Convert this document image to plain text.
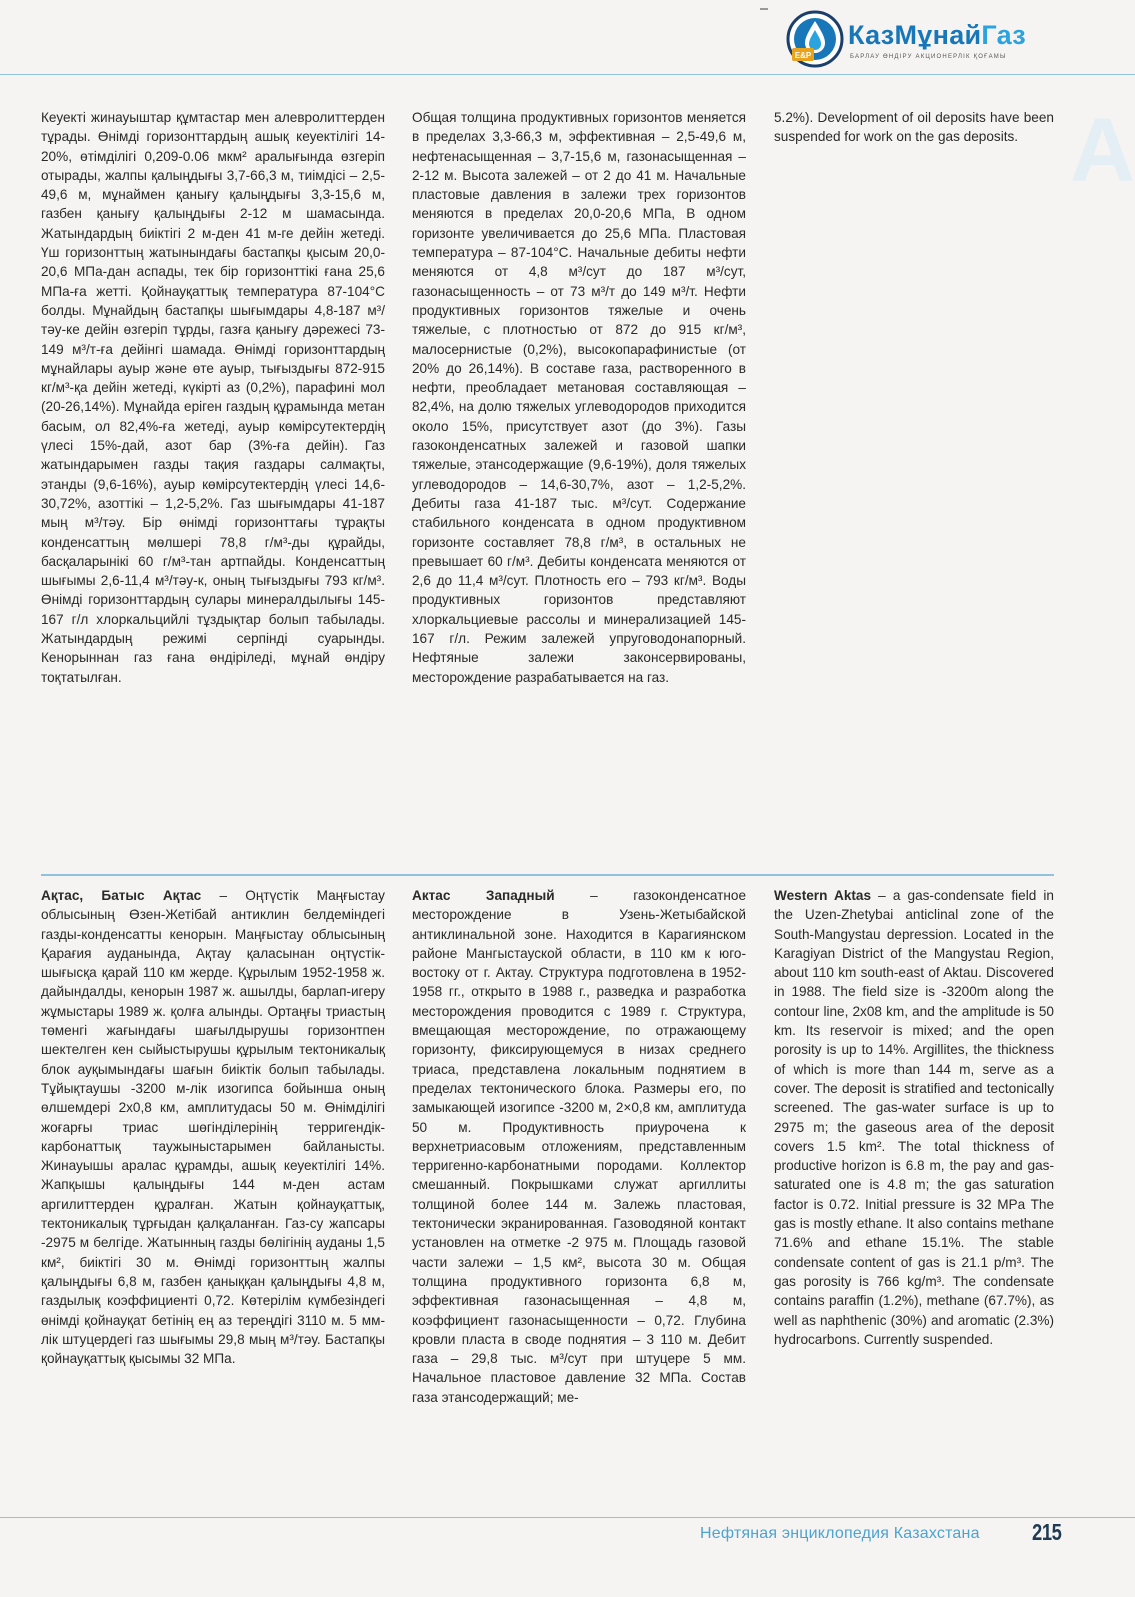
E&P
КазМұнайГаз
БАРЛАУ ӨНДІРУ АКЦИОНЕРЛІК ҚОҒАМЫ
A

Кеуекті жинауыштар құмтастар мен алевролиттерден тұрады. Өнімді горизонттардың ашық кеуектілігі 14-20%, өтімділігі 0,209-0.06 мкм² аралығында өзгеріп отырады, жалпы қалыңдығы 3,7-66,3 м, тиімдісі – 2,5-49,6 м, мұнаймен қанығу қалыңдығы 3,3-15,6 м, газбен қанығу қалыңдығы 2-12 м шамасында. Жатындардың биіктігі 2 м-ден 41 м-ге дейін жетеді. Үш горизонттың жатынындағы бастапқы қысым 20,0-20,6 МПа-дан аспады, тек бір горизонттікі ғана 25,6 МПа-ға жетті. Қойнауқаттық температура 87-104°С болды. Мұнайдың бастапқы шығымдары 4,8-187 м³/тәу-ке дейін өзгеріп тұрды, газға қанығу дәрежесі 73-149 м³/т-ға дейінгі шамада. Өнімді горизонттардың мұнайлары ауыр және өте ауыр, тығыздығы 872-915 кг/м³-қа дейін жетеді, күкірті аз (0,2%), парафині мол (20-26,14%). Мұнайда еріген газдың құрамында метан басым, ол 82,4%-ға жетеді, ауыр көмірсутектердің үлесі 15%-дай, азот бар (3%-ға дейін). Газ жатындарымен газды тақия газдары салмақты, этанды (9,6-16%), ауыр көмірсутектердің үлесі 14,6-30,72%, азоттікі – 1,2-5,2%. Газ шығымдары 41-187 мың м³/тәу. Бір өнімді горизонттағы тұрақты конденсаттың мөлшері 78,8 г/м³-ды құрайды, басқаларынікі 60 г/м³-тан артпайды. Конденсаттың шығымы 2,6-11,4 м³/тәу-к, оның тығыздығы 793 кг/м³. Өнімді горизонттардың сулары минералдылығы 145-167 г/л хлоркальцийлі тұздықтар болып табылады. Жатындардың режимі серпінді суарынды. Кенорыннан газ ғана өндіріледі, мұнай өндіру тоқтатылған.

Общая толщина продуктивных горизонтов меняется в пределах 3,3-66,3 м, эффективная – 2,5-49,6 м, нефтенасыщенная – 3,7-15,6 м, газонасыщенная – 2-12 м. Высота залежей – от 2 до 41 м. Начальные пластовые давления в залежи трех горизонтов меняются в пределах 20,0-20,6 МПа, В одном горизонте увеличивается до 25,6 МПа. Пластовая температура – 87-104°С. Начальные дебиты нефти меняются от 4,8 м³/сут до 187 м³/сут, газонасыщенность – от 73 м³/т до 149 м³/т. Нефти продуктивных горизонтов тяжелые и очень тяжелые, с плотностью от 872 до 915 кг/м³, малосернистые (0,2%), высокопарафинистые (от 20% до 26,14%). В составе газа, растворенного в нефти, преобладает метановая составляющая – 82,4%, на долю тяжелых углеводородов приходится около 15%, присутствует азот (до 3%). Газы газоконденсатных залежей и газовой шапки тяжелые, этансодержащие (9,6-19%), доля тяжелых углеводородов – 14,6-30,7%, азот – 1,2-5,2%. Дебиты газа 41-187 тыс. м³/сут. Содержание стабильного конденсата в одном продуктивном горизонте составляет 78,8 г/м³, в остальных не превышает 60 г/м³. Дебиты конденсата меняются от 2,6 до 11,4 м³/сут. Плотность его – 793 кг/м³. Воды продуктивных горизонтов представляют хлоркальциевые рассолы и минерализацией 145-167 г/л. Режим залежей упруговодонапорный. Нефтяные залежи законсервированы, месторождение разрабатывается на газ.

5.2%). Development of oil deposits have been suspended for work on the gas deposits.

Ақтас, Батыс Ақтас – Оңтүстік Маңғыстау облысының Өзен-Жетібай антиклин белдеміндегі газды-конденсатты кенорын. Маңғыстау облысының Қарағия ауданында, Ақтау қаласынан оңтүстік-шығысқа қарай 110 км жерде. Құрылым 1952-1958 ж. дайындалды, кенорын 1987 ж. ашылды, барлап-игеру жұмыстары 1989 ж. қолға алынды. Ортаңғы триастың төменгі жағындағы шағылдырушы горизонтпен шектелген кен сыйыстырушы құрылым тектоникалық блок ауқымындағы шағын биіктік болып табылады. Тұйықтаушы -3200 м-лік изогипса бойынша оның өлшемдері 2х0,8 км, амплитудасы 50 м. Өнімділігі жоғарғы триас шөгінділерінің терригендік-карбонаттық таужыныстарымен байланысты. Жинауышы аралас құрамды, ашық кеуектілігі 14%. Жапқышы қалыңдығы 144 м-ден астам аргилиттерден құралған. Жатын қойнауқаттық, тектоникалық тұрғыдан қалқаланған. Газ-су жапсары -2975 м белгіде. Жатынның газды бөлігінің ауданы 1,5 км², биіктігі 30 м. Өнімді горизонттың жалпы қалыңдығы 6,8 м, газбен қаныққан қалыңдығы 4,8 м, газдылық коэффициенті 0,72. Көтерілім күмбезіндегі өнімді қойнауқат бетінің ең аз тереңдігі 3110 м. 5 мм-лік штуцердегі газ шығымы 29,8 мың м³/тәу. Бастапқы қойнауқаттық қысымы 32 МПа.

Актас Западный – газоконденсатное месторождение в Узень-Жетыбайской антиклинальной зоне. Находится в Карагиянском районе Мангыстауской области, в 110 км к юго-востоку от г. Актау. Структура подготовлена в 1952-1958 гг., открыто в 1988 г., разведка и разработка месторождения проводится с 1989 г. Структура, вмещающая месторождение, по отражающему горизонту, фиксирующемуся в низах среднего триаса, представлена локальным поднятием в пределах тектонического блока. Размеры его, по замыкающей изогипсе -3200 м, 2×0,8 км, амплитуда 50 м. Продуктивность приурочена к верхнетриасовым отложениям, представленным терригенно-карбонатными породами. Коллектор смешанный. Покрышками служат аргиллиты толщиной более 144 м. Залежь пластовая, тектонически экранированная. Газоводяной контакт установлен на отметке -2 975 м. Площадь газовой части залежи – 1,5 км², высота 30 м. Общая толщина продуктивного горизонта 6,8 м, эффективная газонасыщенная – 4,8 м, коэффициент газонасыщенности – 0,72. Глубина кровли пласта в своде поднятия – 3 110 м. Дебит газа – 29,8 тыс. м³/сут при штуцере 5 мм. Начальное пластовое давление 32 МПа. Состав газа этансодержащий; ме-

Western Aktas – a gas-condensate field in the Uzen-Zhetybai anticlinal zone of the South-Mangystau depression. Located in the Karagiyan District of the Mangystau Region, about 110 km south-east of Aktau. Discovered in 1988. The field size is -3200m along the contour line, 2x08 km, and the amplitude is 50 km. Its reservoir is mixed; and the open porosity is up to 14%. Argillites, the thickness of which is more than 144 m, serve as a cover. The deposit is stratified and tectonically screened. The gas-water surface is up to 2975 m; the gaseous area of the deposit covers 1.5 km². The total thickness of productive horizon is 6.8 m, the pay and gas-saturated one is 4.8 m; the gas saturation factor is 0.72. Initial pressure is 32 MPa The gas is mostly ethane. It also contains methane 71.6% and ethane 15.1%. The stable condensate content of gas is 21.1 p/m³. The gas porosity is 766 kg/m³. The condensate contains paraffin (1.2%), methane (67.7%), as well as naphthenic (30%) and aromatic (2.3%) hydrocarbons. Currently suspended.

Нефтяная энциклопедия Казахстана 215
